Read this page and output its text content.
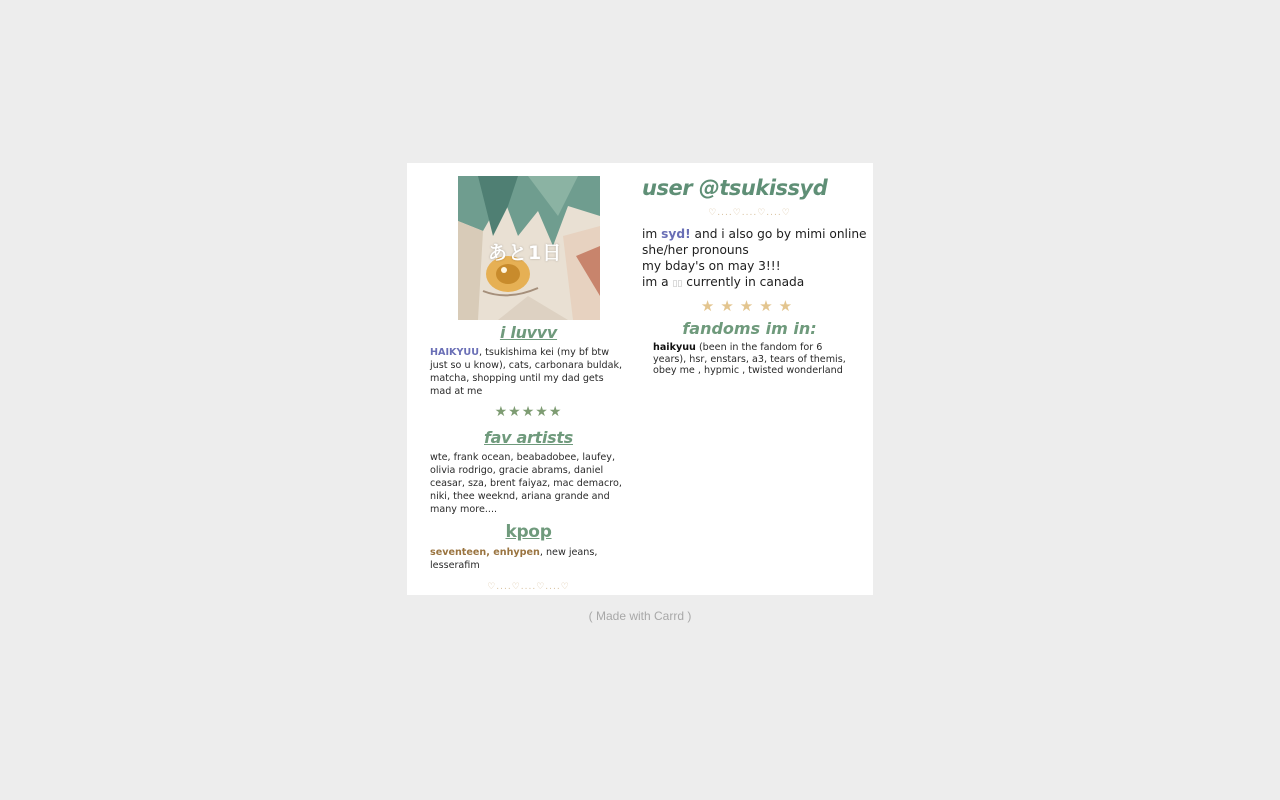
あと1日
i luvvv
HAIKYUU, tsukishima kei (my bf btw just so u know), cats, carbonara buldak, matcha, shopping until my dad gets mad at me
★★★★★
fav artists
wte, frank ocean, beabadobee, laufey, olivia rodrigo, gracie abrams, daniel ceasar, sza, brent faiyaz, mac demacro, niki, thee weeknd, ariana grande and many more....
kpop
seventeen, enhypen, new jeans, lesserafim
♡....♡....♡....♡
user @tsukissyd
♡....♡....♡....♡
im syd! and i also go by mimi online
she/her pronouns
my bday's on may 3!!!
im a ▯▯ currently in canada
★★★★★
fandoms im in:
haikyuu (been in the fandom for 6 years), hsr, enstars, a3, tears of themis, obey me , hypmic , twisted wonderland
( Made with Carrd )
